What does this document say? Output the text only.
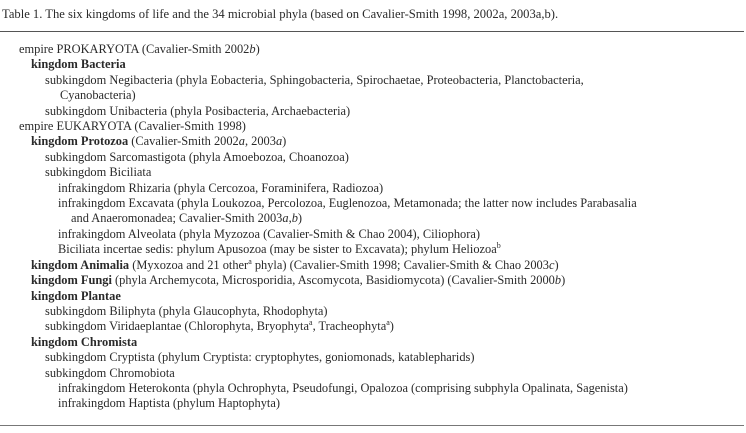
Table 1. The six kingdoms of life and the 34 microbial phyla (based on Cavalier-Smith 1998, 2002a, 2003a,b).
empire PROKARYOTA (Cavalier-Smith 2002b)
kingdom Bacteria
subkingdom Negibacteria (phyla Eobacteria, Sphingobacteria, Spirochaetae, Proteobacteria, Planctobacteria,
Cyanobacteria)
subkingdom Unibacteria (phyla Posibacteria, Archaebacteria)
empire EUKARYOTA (Cavalier-Smith 1998)
kingdom Protozoa (Cavalier-Smith 2002a, 2003a)
subkingdom Sarcomastigota (phyla Amoebozoa, Choanozoa)
subkingdom Biciliata
infrakingdom Rhizaria (phyla Cercozoa, Foraminifera, Radiozoa)
infrakingdom Excavata (phyla Loukozoa, Percolozoa, Euglenozoa, Metamonada; the latter now includes Parabasalia
and Anaeromonadea; Cavalier-Smith 2003a,b)
infrakingdom Alveolata (phyla Myzozoa (Cavalier-Smith & Chao 2004), Ciliophora)
Biciliata incertae sedis: phylum Apusozoa (may be sister to Excavata); phylum Heliozoa$^b$
kingdom Animalia (Myxozoa and 21 other$^a$ phyla) (Cavalier-Smith 1998; Cavalier-Smith & Chao 2003c)
kingdom Fungi (phyla Archemycota, Microsporidia, Ascomycota, Basidiomycota) (Cavalier-Smith 2000b)
kingdom Plantae
subkingdom Biliphyta (phyla Glaucophyta, Rhodophyta)
subkingdom Viridaeplantae (Chlorophyta, Bryophyta$^a$, Tracheophyta$^a$)
kingdom Chromista
subkingdom Cryptista (phylum Cryptista: cryptophytes, goniomonads, katablepharids)
subkingdom Chromobiota
infrakingdom Heterokonta (phyla Ochrophyta, Pseudofungi, Opalozoa (comprising subphyla Opalinata, Sagenista)
infrakingdom Haptista (phylum Haptophyta)
